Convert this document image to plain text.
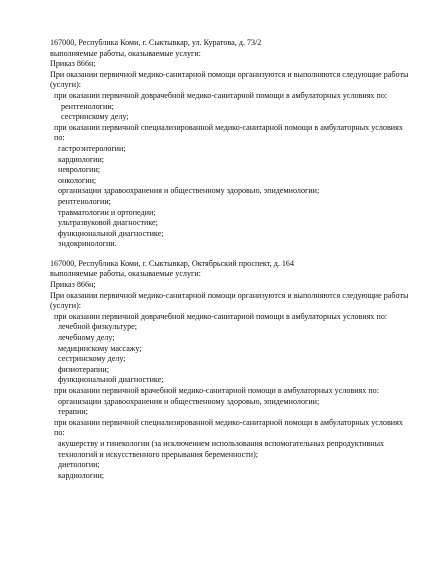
167000, Республика Коми, г. Сыктывкар, ул. Куратова, д. 73/2
выполняемые работы, оказываемые услуги:
Приказ 866н;
При оказании первичной медико-санитарной помощи организуются и выполняются следующие работы (услуги):
при оказании первичной доврачебной медико-санитарной помощи в амбулаторных условиях по:
рентгенологии;
сестринскому делу;
при оказании первичной специализированной медико-санитарной помощи в амбулаторных условиях по:
гастроэнтерологии;
кардиологии;
неврологии;
онкологии;
организации здравоохранения и общественному здоровью, эпидемиологии;
рентгенологии;
травматологии и ортопедии;
ультразвуковой диагностике;
функциональной диагностике;
эндокринологии.
167000, Республика Коми, г. Сыктывкар, Октябрьский проспект, д. 164
выполняемые работы, оказываемые услуги:
Приказ 866н;
При оказании первичной медико-санитарной помощи организуются и выполняются следующие работы (услуги):
при оказании первичной доврачебной медико-санитарной помощи в амбулаторных условиях по:
лечебной физкультуре;
лечебному делу;
медицинскому массажу;
сестринскому делу;
физиотерапии;
функциональной диагностике;
при оказании первичной врачебной медико-санитарной помощи в амбулаторных условиях по:
организации здравоохранения и общественному здоровью, эпидемиологии;
терапии;
при оказании первичной специализированной медико-санитарной помощи в амбулаторных условиях по:
акушерству и гинекологии (за исключением использования вспомогательных репродуктивных технологий и искусственного прерывания беременности);
диетологии;
кардиологии;
